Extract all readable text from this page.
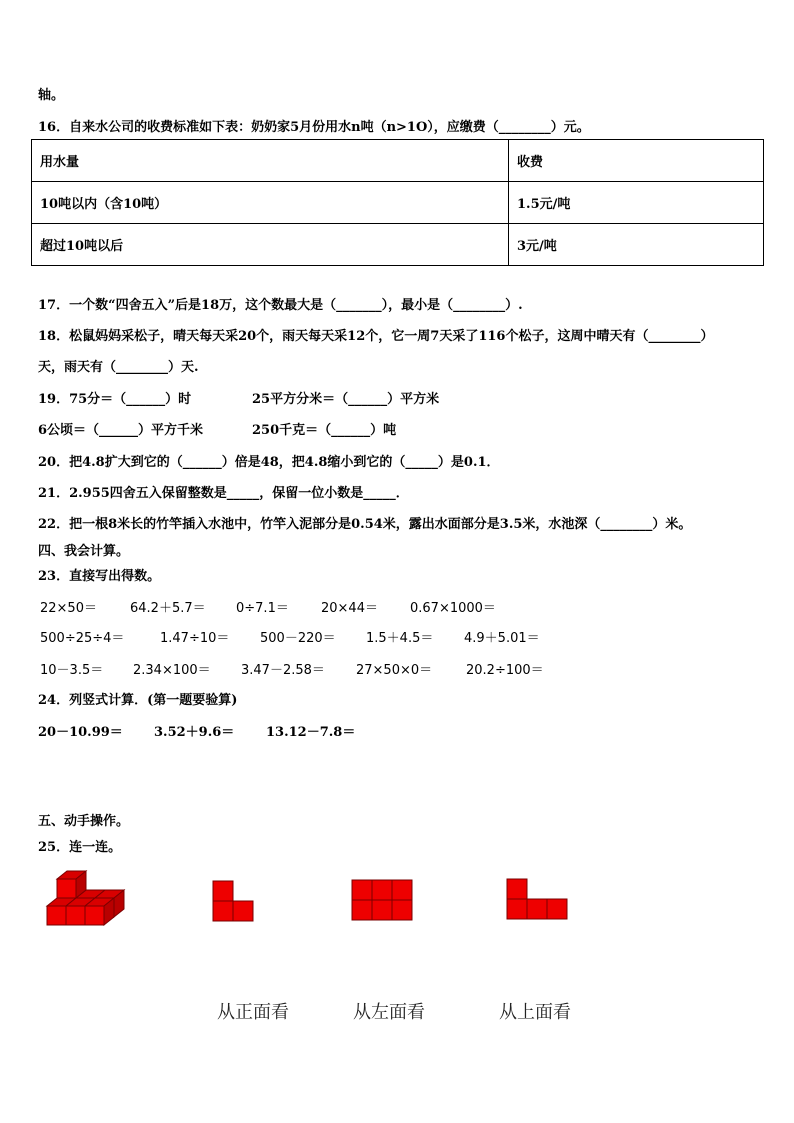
轴。
16．自来水公司的收费标准如下表：奶奶家5月份用水n吨（n>1O），应缴费（________）元。
用水量	收费
10吨以内（含10吨）	1.5元/吨
超过10吨以后	3元/吨
17．一个数“四舍五入”后是18万，这个数最大是（_______），最小是（________）.
18．松鼠妈妈采松子，晴天每天采20个，雨天每天采12个，它一周7天采了116个松子，这周中晴天有（________）
天，雨天有（________）天.
19．75分＝（______）时	25平方分米＝（______）平方米
6公顷＝（______）平方千米	250千克＝（______）吨
20．把4.8扩大到它的（______）倍是48，把4.8缩小到它的（_____）是0.1．
21．2.955四舍五入保留整数是_____，保留一位小数是_____．
22．把一根8米长的竹竿插入水池中，竹竿入泥部分是0.54米，露出水面部分是3.5米，水池深（________）米。
四、我会计算。
23．直接写出得数。
22×50＝	64.2＋5.7＝ 0÷7.1＝ 20×44＝ 0.67×1000＝
500÷25÷4＝	1.47÷10＝ 500－220＝ 1.5＋4.5＝ 4.9＋5.01＝
10－3.5＝ 2.34×100＝ 3.47－2.58＝ 27×50×0＝	20.2÷100＝
24．列竖式计算．(第一题要验算)
20－10.99＝ 3.52＋9.6＝ 13.12－7.8＝
五、动手操作。
25．连一连。
从正面看	从左面看	从上面看
